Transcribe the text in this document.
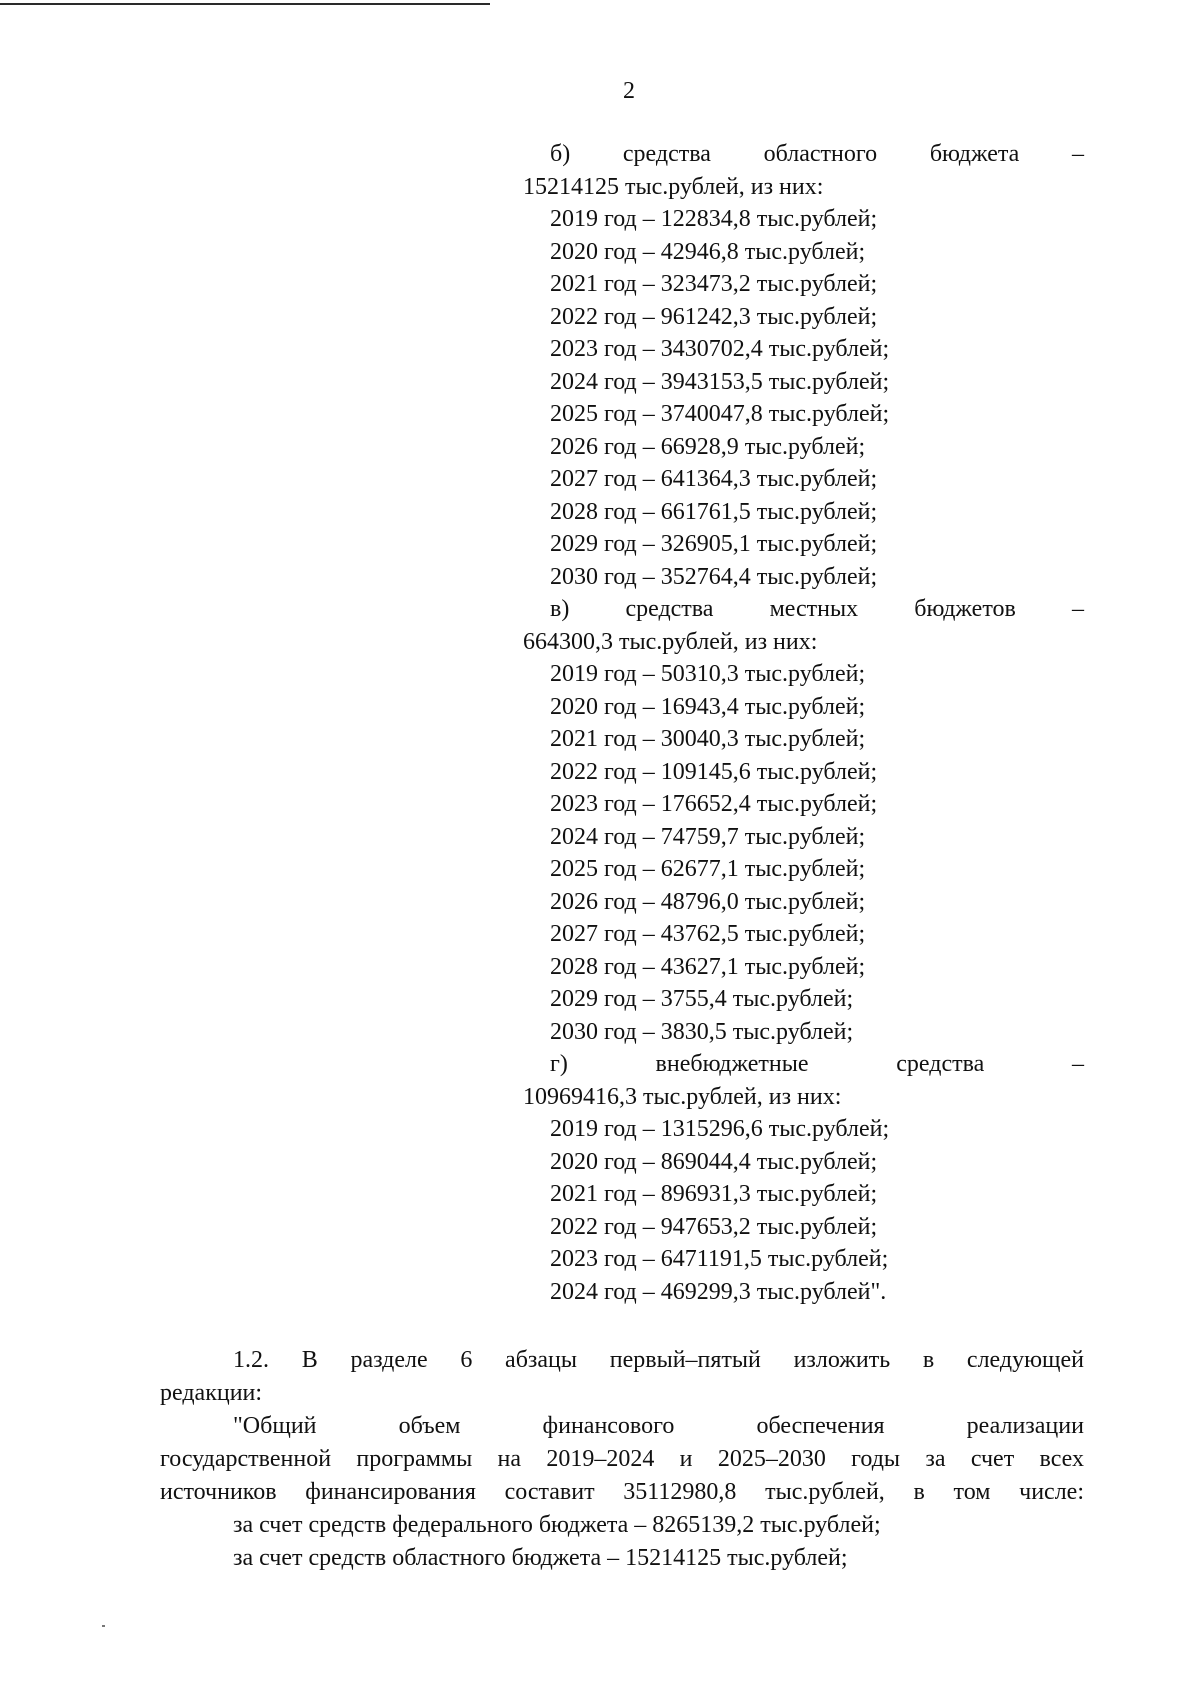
2
б) средства областного бюджета –
15214125 тыс.рублей, из них:
2019 год – 122834,8 тыс.рублей;
2020 год – 42946,8 тыс.рублей;
2021 год – 323473,2 тыс.рублей;
2022 год – 961242,3 тыс.рублей;
2023 год – 3430702,4 тыс.рублей;
2024 год – 3943153,5 тыс.рублей;
2025 год – 3740047,8 тыс.рублей;
2026 год – 66928,9 тыс.рублей;
2027 год – 641364,3 тыс.рублей;
2028 год – 661761,5 тыс.рублей;
2029 год – 326905,1 тыс.рублей;
2030 год – 352764,4 тыс.рублей;
в) средства местных бюджетов –
664300,3 тыс.рублей, из них:
2019 год – 50310,3 тыс.рублей;
2020 год – 16943,4 тыс.рублей;
2021 год – 30040,3 тыс.рублей;
2022 год – 109145,6 тыс.рублей;
2023 год – 176652,4 тыс.рублей;
2024 год – 74759,7 тыс.рублей;
2025 год – 62677,1 тыс.рублей;
2026 год – 48796,0 тыс.рублей;
2027 год – 43762,5 тыс.рублей;
2028 год – 43627,1 тыс.рублей;
2029 год – 3755,4 тыс.рублей;
2030 год – 3830,5 тыс.рублей;
г)	внебюджетные	средства	–
10969416,3 тыс.рублей, из них:
2019 год – 1315296,6 тыс.рублей;
2020 год – 869044,4 тыс.рублей;
2021 год – 896931,3 тыс.рублей;
2022 год – 947653,2 тыс.рублей;
2023 год – 6471191,5 тыс.рублей;
2024 год – 469299,3 тыс.рублей".
1.2. В разделе 6 абзацы первый–пятый изложить в следующей
редакции:
"Общий	объем	финансового	обеспечения	реализации
государственной программы на 2019–2024 и 2025–2030 годы за счет всех
источников финансирования составит 35112980,8 тыс.рублей, в том числе:
за счет средств федерального бюджета – 8265139,2 тыс.рублей;
за счет средств областного бюджета – 15214125 тыс.рублей;
